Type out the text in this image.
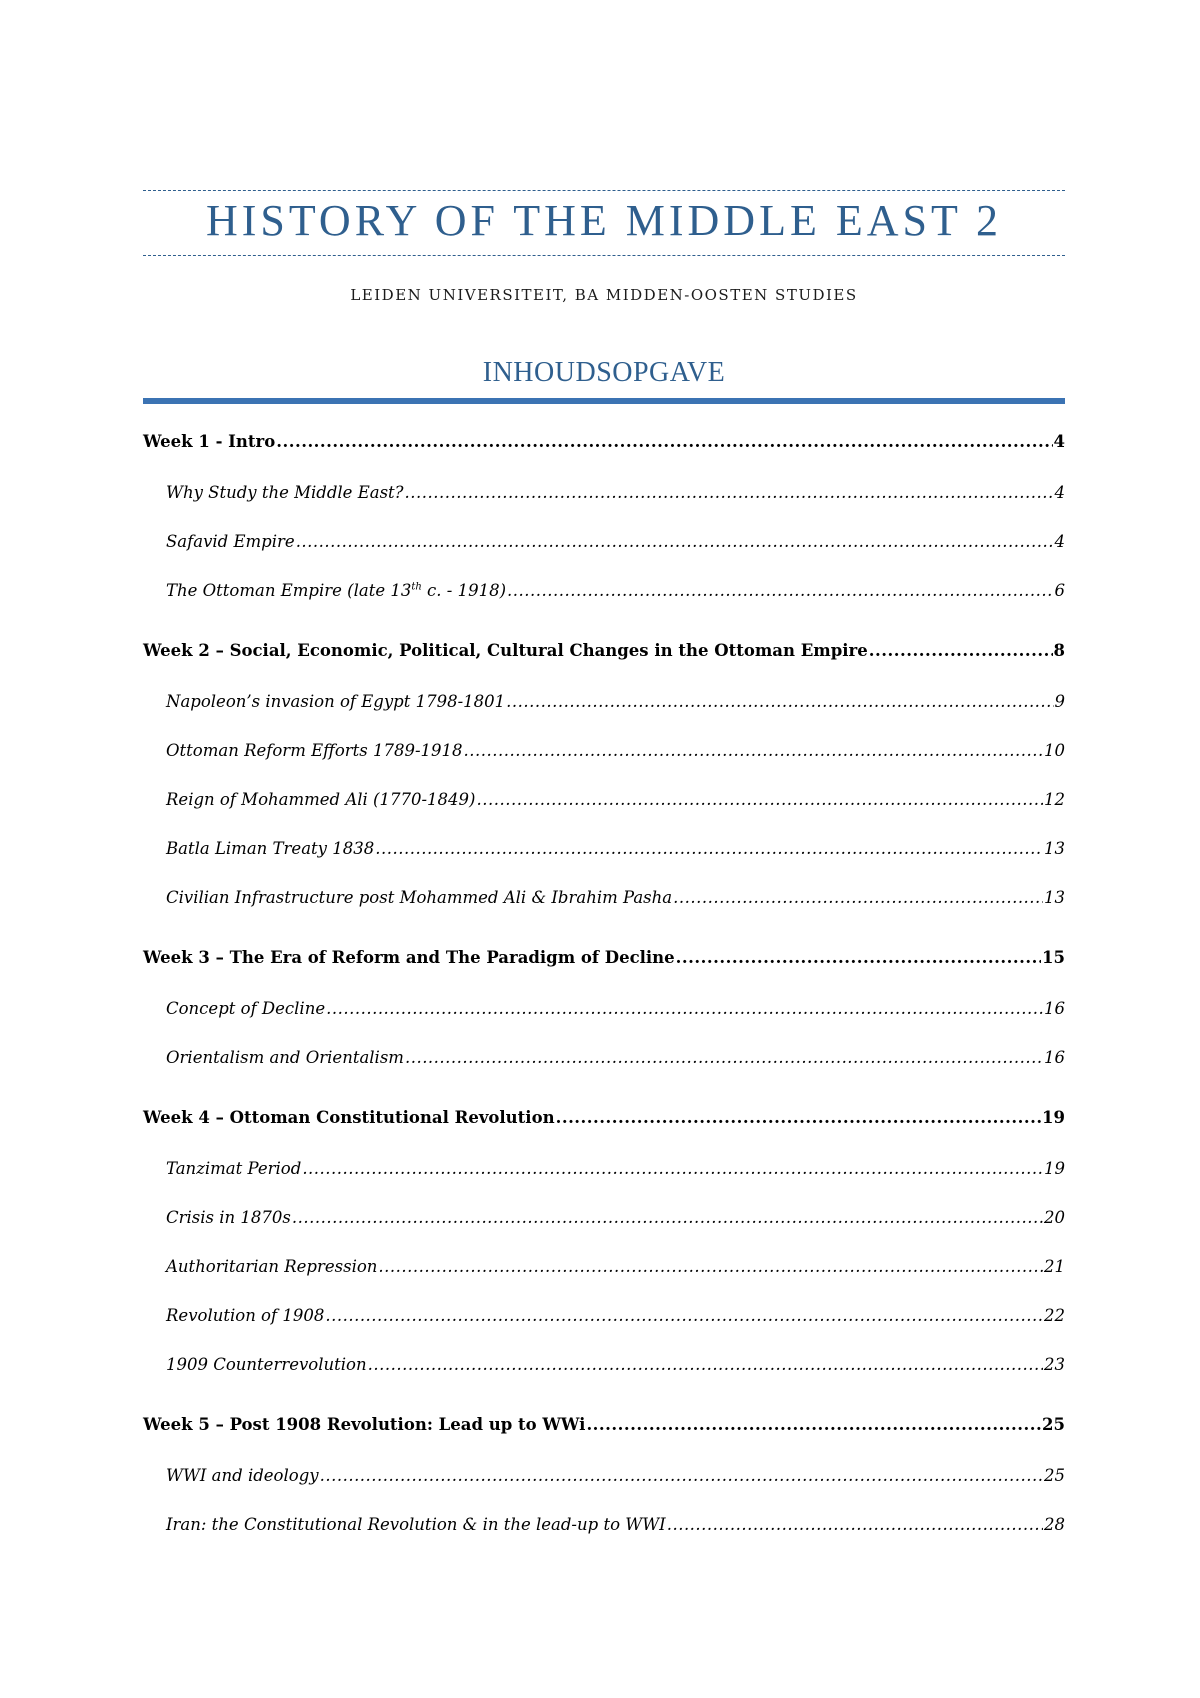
HISTORY OF THE MIDDLE EAST 2
LEIDEN UNIVERSITEIT, BA MIDDEN-OOSTEN STUDIES
INHOUDSOPGAVE
Week 1 - Intro .....	4
Why Study the Middle East? .....	4
Safavid Empire .....	4
The Ottoman Empire (late 13th c. - 1918) .....	6
Week 2 – Social, Economic, Political, Cultural Changes in the Ottoman Empire .....	8
Napoleon’s invasion of Egypt 1798-1801 .....	9
Ottoman Reform Efforts 1789-1918 .....	10
Reign of Mohammed Ali (1770-1849) .....	12
Batla Liman Treaty 1838 .....	13
Civilian Infrastructure post Mohammed Ali & Ibrahim Pasha .....	13
Week 3 – The Era of Reform and The Paradigm of Decline .....	15
Concept of Decline .....	16
Orientalism and Orientalism .....	16
Week 4 – Ottoman Constitutional Revolution .....	19
Tanzimat Period .....	19
Crisis in 1870s .....	20
Authoritarian Repression .....	21
Revolution of 1908 .....	22
1909 Counterrevolution .....	23
Week 5 – Post 1908 Revolution: Lead up to WWi .....	25
WWI and ideology .....	25
Iran: the Constitutional Revolution & in the lead-up to WWI .....	28
